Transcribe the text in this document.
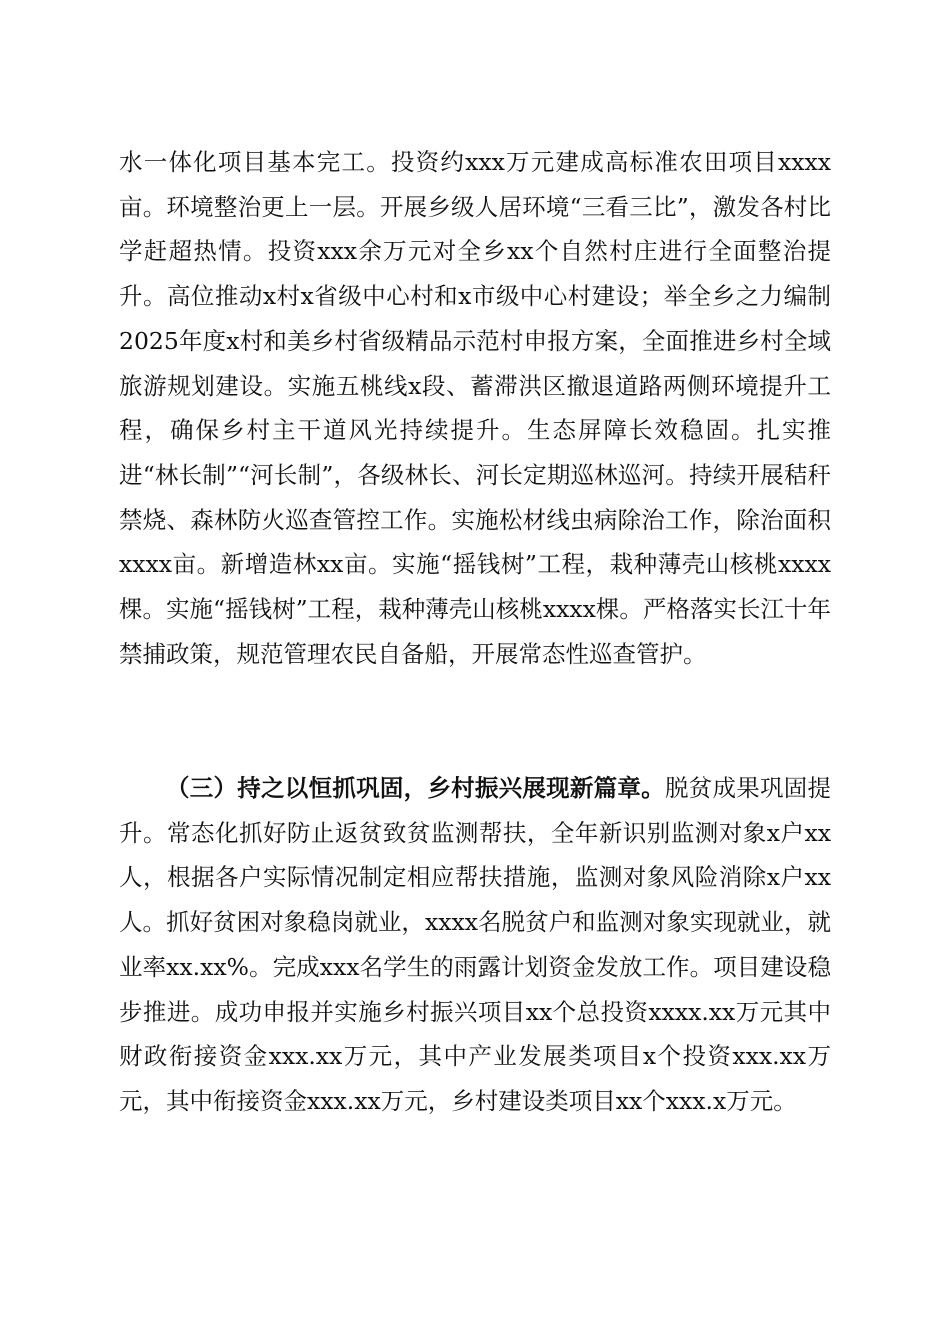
水一体化项目基本完工。投资约xxx万元建成高标准农田项目xxxx亩。环境整治更上一层。开展乡级人居环境“三看三比”，激发各村比学赶超热情。投资xxx余万元对全乡xx个自然村庄进行全面整治提升。高位推动x村x省级中心村和x市级中心村建设；举全乡之力编制2025年度x村和美乡村省级精品示范村申报方案，全面推进乡村全域旅游规划建设。实施五桃线x段、蓄滞洪区撤退道路两侧环境提升工程，确保乡村主干道风光持续提升。生态屏障长效稳固。扎实推进“林长制”“河长制”，各级林长、河长定期巡林巡河。持续开展秸秆禁烧、森林防火巡查管控工作。实施松材线虫病除治工作，除治面积xxxx亩。新增造林xx亩。实施“摇钱树”工程，栽种薄壳山核桃xxxx棵。实施“摇钱树”工程，栽种薄壳山核桃xxxx棵。严格落实长江十年禁捕政策，规范管理农民自备船，开展常态性巡查管护。

（三）持之以恒抓巩固，乡村振兴展现新篇章。脱贫成果巩固提升。常态化抓好防止返贫致贫监测帮扶，全年新识别监测对象x户xx人，根据各户实际情况制定相应帮扶措施，监测对象风险消除x户xx人。抓好贫困对象稳岗就业，xxxx名脱贫户和监测对象实现就业，就业率xx.xx%。完成xxx名学生的雨露计划资金发放工作。项目建设稳步推进。成功申报并实施乡村振兴项目xx个总投资xxxx.xx万元其中财政衔接资金xxx.xx万元，其中产业发展类项目x个投资xxx.xx万元，其中衔接资金xxx.xx万元，乡村建设类项目xx个xxx.x万元。
